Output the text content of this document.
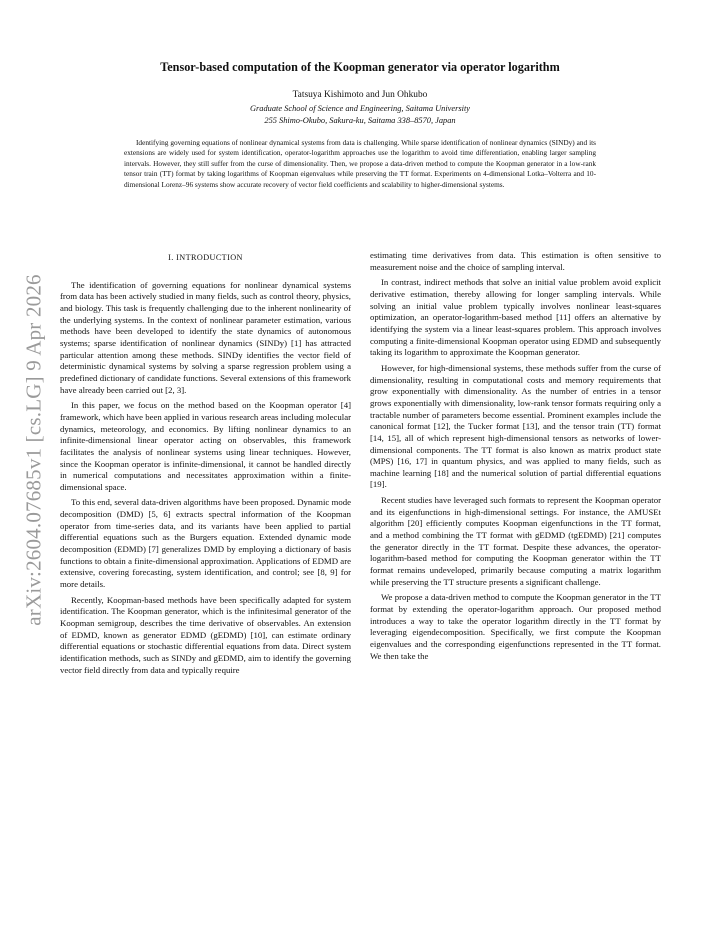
arXiv:2604.07685v1 [cs.LG] 9 Apr 2026
Tensor-based computation of the Koopman generator via operator logarithm
Tatsuya Kishimoto and Jun Ohkubo
Graduate School of Science and Engineering, Saitama University
255 Shimo-Okubo, Sakura-ku, Saitama 338–8570, Japan
Identifying governing equations of nonlinear dynamical systems from data is challenging. While sparse identification of nonlinear dynamics (SINDy) and its extensions are widely used for system identification, operator-logarithm approaches use the logarithm to avoid time differentiation, enabling larger sampling intervals. However, they still suffer from the curse of dimensionality. Then, we propose a data-driven method to compute the Koopman generator in a low-rank tensor train (TT) format by taking logarithms of Koopman eigenvalues while preserving the TT format. Experiments on 4-dimensional Lotka–Volterra and 10-dimensional Lorenz–96 systems show accurate recovery of vector field coefficients and scalability to higher-dimensional systems.
I. INTRODUCTION

The identification of governing equations for nonlinear dynamical systems from data has been actively studied in many fields, such as control theory, physics, and biology. This task is frequently challenging due to the inherent nonlinearity of the underlying systems. In the context of nonlinear parameter estimation, various methods have been developed to identify the state dynamics of autonomous systems; sparse identification of nonlinear dynamics (SINDy) [1] has attracted particular attention among these methods. SINDy identifies the vector field of deterministic dynamical systems by solving a sparse regression problem using a predefined dictionary of candidate functions. Several extensions of this framework have already been carried out [2, 3].

In this paper, we focus on the method based on the Koopman operator [4] framework, which have been applied in various research areas including molecular dynamics, meteorology, and economics. By lifting nonlinear dynamics to an infinite-dimensional linear operator acting on observables, this framework facilitates the analysis of nonlinear systems using linear techniques. However, since the Koopman operator is infinite-dimensional, it cannot be handled directly in numerical computations and necessitates approximation within a finite-dimensional space.

To this end, several data-driven algorithms have been proposed. Dynamic mode decomposition (DMD) [5, 6] extracts spectral information of the Koopman operator from time-series data, and its variants have been applied to partial differential equations such as the Burgers equation. Extended dynamic mode decomposition (EDMD) [7] generalizes DMD by employing a dictionary of basis functions to obtain a finite-dimensional approximation. Applications of EDMD are extensive, covering forecasting, system identification, and control; see [8, 9] for more details.

Recently, Koopman-based methods have been specifically adapted for system identification. The Koopman generator, which is the infinitesimal generator of the Koopman semigroup, describes the time derivative of observables. An extension of EDMD, known as generator EDMD (gEDMD) [10], can estimate ordinary differential equations or stochastic differential equations from data. Direct system identification methods, such as SINDy and gEDMD, aim to identify the governing vector field directly from data and typically require

estimating time derivatives from data. This estimation is often sensitive to measurement noise and the choice of sampling interval.

In contrast, indirect methods that solve an initial value problem avoid explicit derivative estimation, thereby allowing for longer sampling intervals. While solving an initial value problem typically involves nonlinear least-squares optimization, an operator-logarithm-based method [11] offers an alternative by identifying the system via a linear least-squares problem. This approach involves computing a finite-dimensional Koopman operator using EDMD and subsequently taking its logarithm to approximate the Koopman generator.

However, for high-dimensional systems, these methods suffer from the curse of dimensionality, resulting in computational costs and memory requirements that grow exponentially with dimensionality. As the number of entries in a tensor grows exponentially with dimensionality, low-rank tensor formats requiring only a tractable number of parameters become essential. Prominent examples include the canonical format [12], the Tucker format [13], and the tensor train (TT) format [14, 15], all of which represent high-dimensional tensors as networks of lower-dimensional components. The TT format is also known as matrix product state (MPS) [16, 17] in quantum physics, and was applied to many fields, such as machine learning [18] and the numerical solution of partial differential equations [19].

Recent studies have leveraged such formats to represent the Koopman operator and its eigenfunctions in high-dimensional settings. For instance, the AMUSEt algorithm [20] efficiently computes Koopman eigenfunctions in the TT format, and a method combining the TT format with gEDMD (tgEDMD) [21] computes the generator directly in the TT format. Despite these advances, the operator-logarithm-based method for computing the Koopman generator within the TT format remains undeveloped, primarily because computing a matrix logarithm while preserving the TT structure presents a significant challenge.

We propose a data-driven method to compute the Koopman generator in the TT format by extending the operator-logarithm approach. Our proposed method introduces a way to take the operator logarithm directly in the TT format by leveraging eigendecomposition. Specifically, we first compute the Koopman eigenvalues and the corresponding eigenfunctions represented in the TT format. We then take the
